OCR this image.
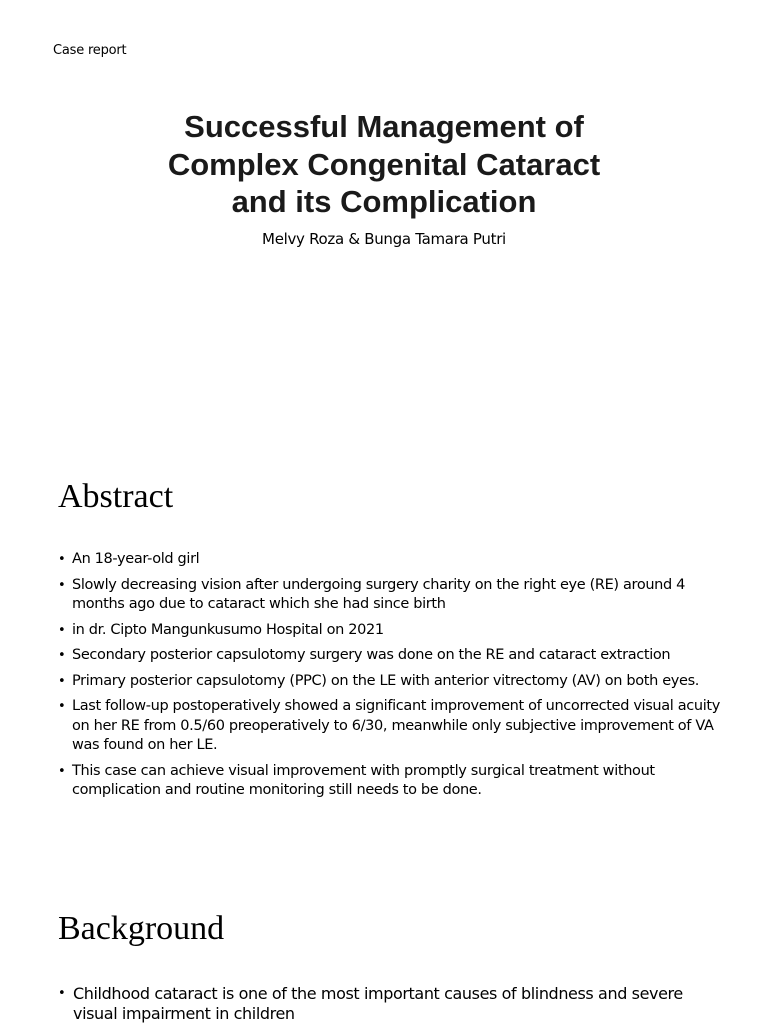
Case report
Successful Management of
Complex Congenital Cataract
and its Complication
Melvy Roza & Bunga Tamara Putri
Abstract
• An 18-year-old girl
• Slowly decreasing vision after undergoing surgery charity on the right eye (RE) around 4 months ago due to cataract which she had since birth
• in dr. Cipto Mangunkusumo Hospital on 2021
• Secondary posterior capsulotomy surgery was done on the RE and cataract extraction
• Primary posterior capsulotomy (PPC) on the LE with anterior vitrectomy (AV) on both eyes.
• Last follow-up postoperatively showed a significant improvement of uncorrected visual acuity on her RE from 0.5/60 preoperatively to 6/30, meanwhile only subjective improvement of VA was found on her LE.
• This case can achieve visual improvement with promptly surgical treatment without complication and routine monitoring still needs to be done.
Background
• Childhood cataract is one of the most important causes of blindness and severe visual impairment in children
